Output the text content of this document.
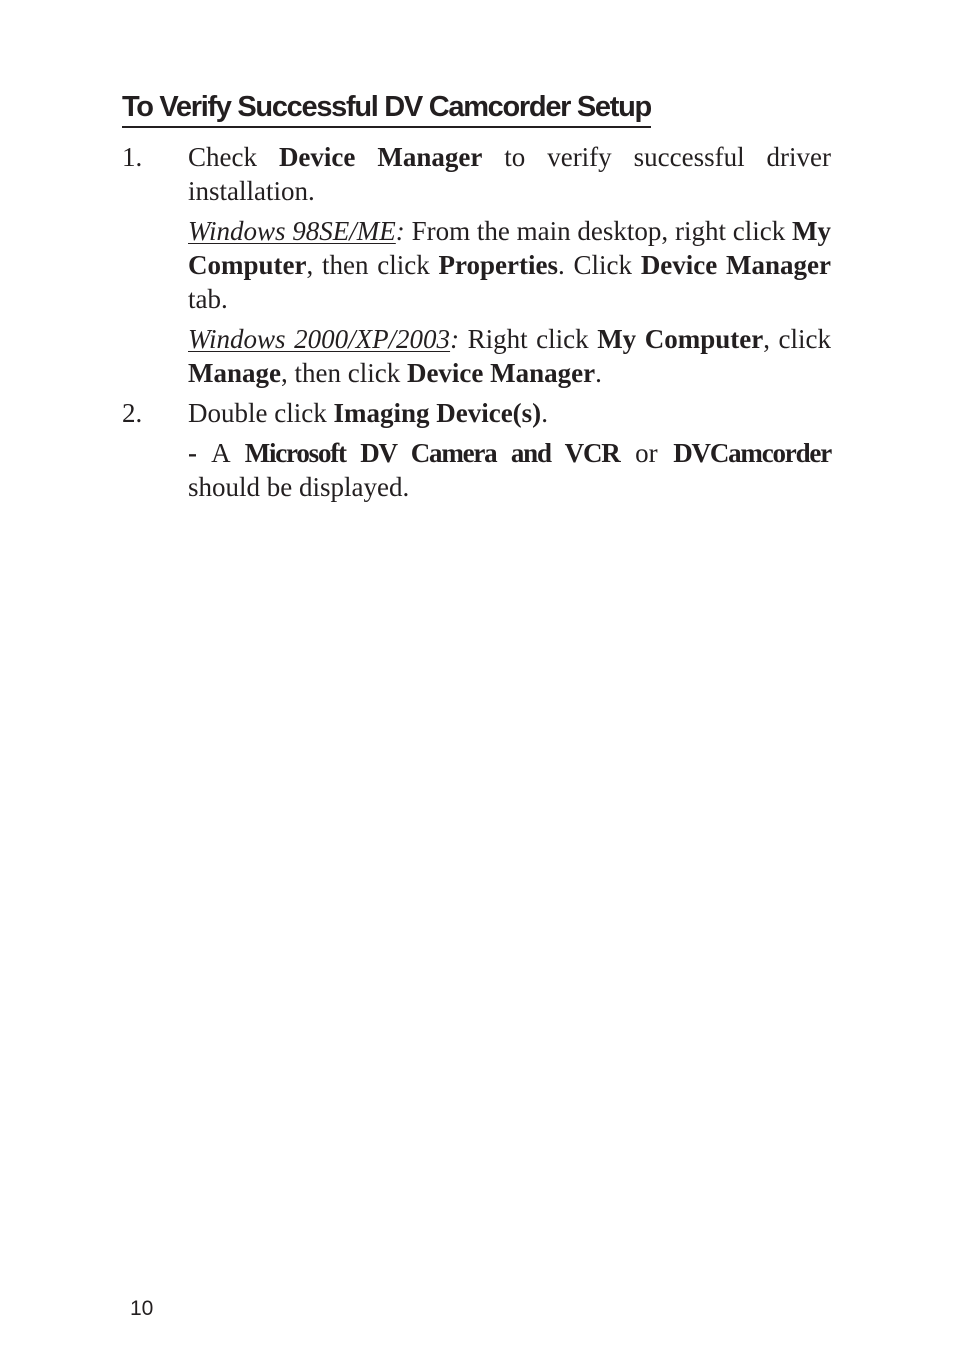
To Verify Successful DV Camcorder Setup
1. Check Device Manager to verify successful driver installation.

Windows 98SE/ME: From the main desktop, right click My Computer, then click Properties. Click Device Manager tab.

Windows 2000/XP/2003: Right click My Computer, click Manage, then click Device Manager.

2. Double click Imaging Device(s).

- A Microsoft DV Camera and VCR or DVCamcorder should be displayed.

10
